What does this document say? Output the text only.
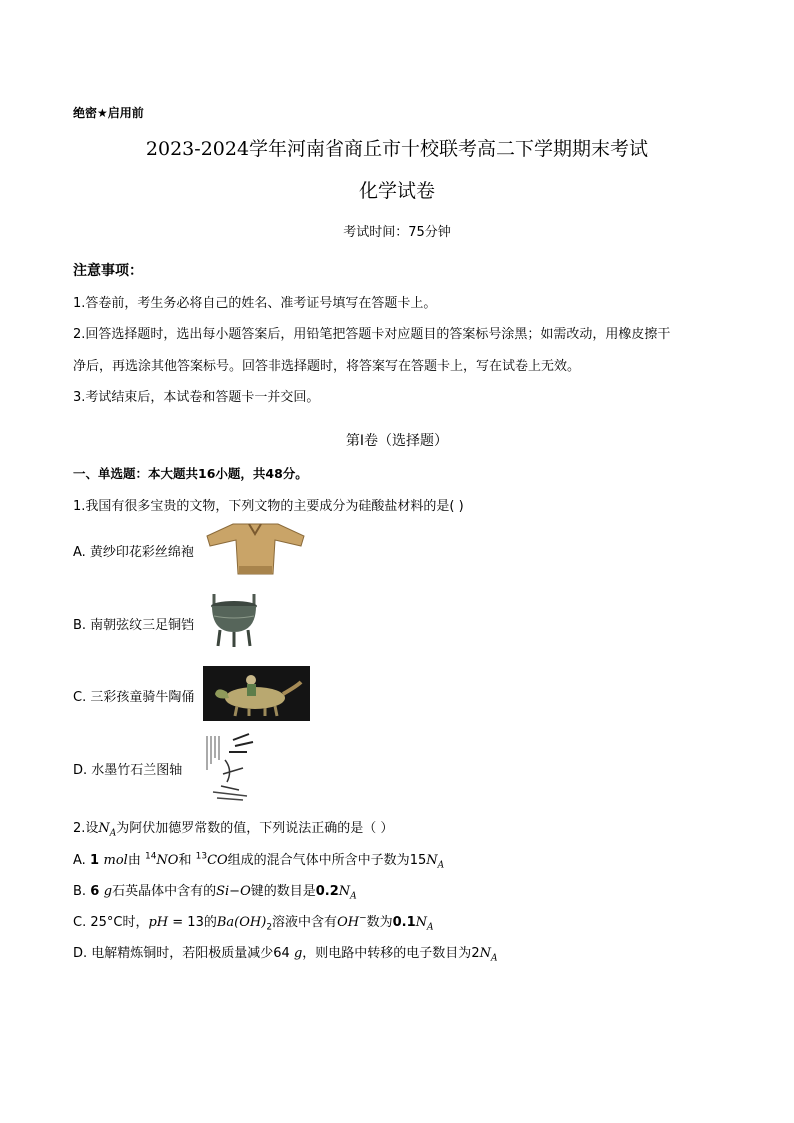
绝密★启用前
2023-2024学年河南省商丘市十校联考高二下学期期末考试
化学试卷
考试时间：75分钟
注意事项：
1.答卷前，考生务必将自己的姓名、准考证号填写在答题卡上。
2.回答选择题时，选出每小题答案后，用铅笔把答题卡对应题目的答案标号涂黑；如需改动，用橡皮擦干
净后，再选涂其他答案标号。回答非选择题时，将答案写在答题卡上，写在试卷上无效。
3.考试结束后，本试卷和答题卡一并交回。
第Ⅰ卷（选择题）
一、单选题：本大题共16小题，共48分。
1.我国有很多宝贵的文物，下列文物的主要成分为硅酸盐材料的是( )
A. 黄纱印花彩丝绵袍
B. 南朝弦纹三足铜铛
C. 三彩孩童骑牛陶俑
D. 水墨竹石兰图轴
2.设$N_A$为阿伏加德罗常数的值，下列说法正确的是（ ）
A. 1 mol由 $^{14}$NO和 $^{13}$CO组成的混合气体中所含中子数为$15N_A$
B. 6 g石英晶体中含有的Si−O键的数目是$0.2N_A$
C. 25°C时，pH = 13的$Ba(OH)_2$溶液中含有OH−数为$0.1N_A$
D. 电解精炼铜时，若阳极质量减少64 g，则电路中转移的电子数目为$2N_A$
